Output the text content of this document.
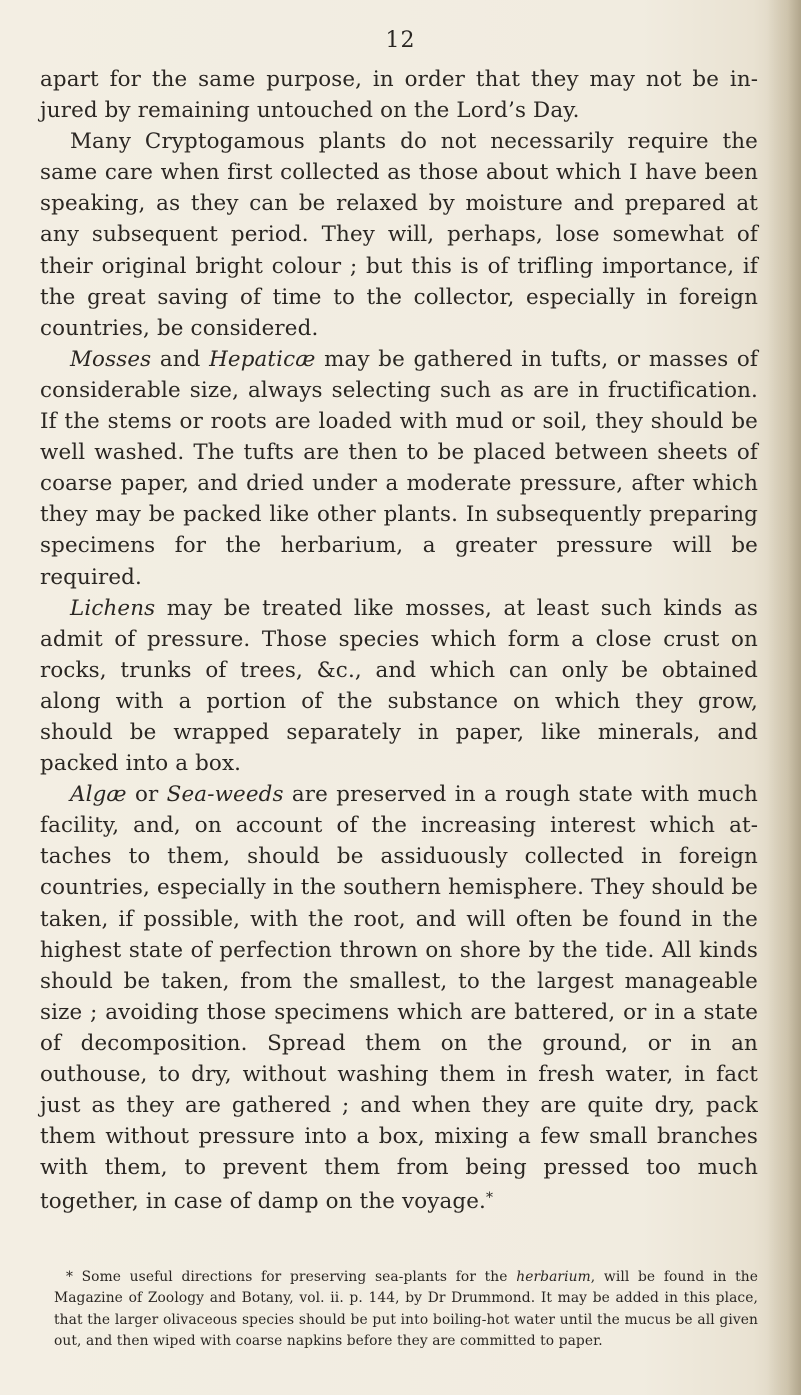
12

apart for the same purpose, in order that they may not be injured by remaining untouched on the Lord’s Day.

Many Cryptogamous plants do not necessarily require the same care when first collected as those about which I have been speaking, as they can be relaxed by moisture and prepared at any subsequent period. They will, perhaps, lose somewhat of their original bright colour ; but this is of trifling importance, if the great saving of time to the collector, especially in foreign countries, be considered.

Mosses and Hepaticæ may be gathered in tufts, or masses of considerable size, always selecting such as are in fructification. If the stems or roots are loaded with mud or soil, they should be well washed. The tufts are then to be placed between sheets of coarse paper, and dried under a moderate pressure, after which they may be packed like other plants. In subsequently preparing specimens for the herbarium, a greater pressure will be required.

Lichens may be treated like mosses, at least such kinds as admit of pressure. Those species which form a close crust on rocks, trunks of trees, &c., and which can only be obtained along with a portion of the substance on which they grow, should be wrapped separately in paper, like minerals, and packed into a box.

Algæ or Sea-weeds are preserved in a rough state with much facility, and, on account of the increasing interest which attaches to them, should be assiduously collected in foreign countries, especially in the southern hemisphere. They should be taken, if possible, with the root, and will often be found in the highest state of perfection thrown on shore by the tide. All kinds should be taken, from the smallest, to the largest manageable size ; avoiding those specimens which are battered, or in a state of decomposition. Spread them on the ground, or in an outhouse, to dry, without washing them in fresh water, in fact just as they are gathered ; and when they are quite dry, pack them without pressure into a box, mixing a few small branches with them, to prevent them from being pressed too much together, in case of damp on the voyage.*

* Some useful directions for preserving sea-plants for the herbarium, will be found in the Magazine of Zoology and Botany, vol. ii. p. 144, by Dr Drummond. It may be added in this place, that the larger olivaceous species should be put into boiling-hot water until the mucus be all given out, and then wiped with coarse napkins before they are committed to paper.
